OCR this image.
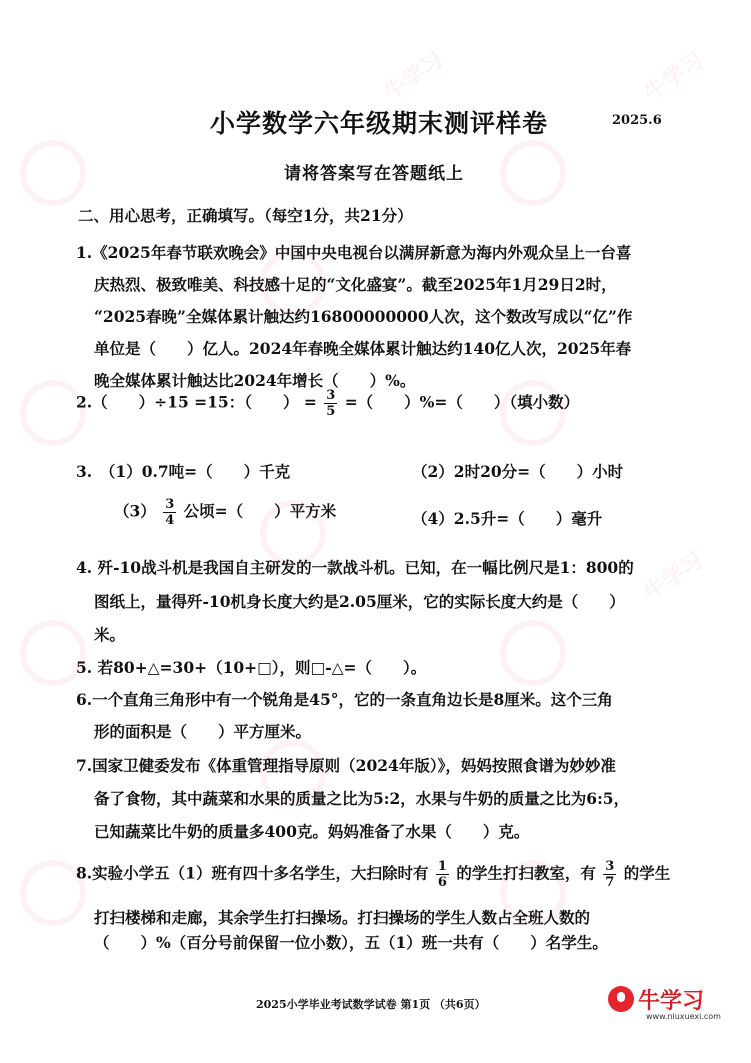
牛学习
牛学习
牛学习
小学数学六年级期末测评样卷	2025.6
请将答案写在答题纸上
二、用心思考，正确填写。（每空1分，共21分）
1.《2025年春节联欢晚会》中国中央电视台以满屏新意为海内外观众呈上一台喜
庆热烈、极致唯美、科技感十足的“文化盛宴”。截至2025年1月29日2时，
“2025春晚”全媒体累计触达约16800000000人次，这个数改写成以“亿”作
单位是（　　）亿人。2024年春晚全媒体累计触达约140亿人次，2025年春
晚全媒体累计触达比2024年增长（　　）%。
2.（　　）÷15 =15：（　　） = $\frac{3}{5}$ =（　　）%=（　　）（填小数）
3.　（1）0.7吨=（　　）千克	（2）2时20分=（　　）小时
$(3) \frac{3}{4}$ 公顷=（　　）平方米	（4）2.5升=（　　）毫升
4. 歼-10战斗机是我国自主研发的一款战斗机。已知，在一幅比例尺是1：800的
图纸上，量得歼-10机身长度大约是2.05厘米，它的实际长度大约是（　　）
米。
5. 若80+△=30+（10+□），则□-△=（　　）。
6.一个直角三角形中有一个锐角是45°，它的一条直角边长是8厘米。这个三角
形的面积是（　　）平方厘米。
7.国家卫健委发布《体重管理指导原则（2024年版）》，妈妈按照食谱为妙妙准
备了食物，其中蔬菜和水果的质量之比为5:2，水果与牛奶的质量之比为6:5，
已知蔬菜比牛奶的质量多400克。妈妈准备了水果（　　）克。
8.实验小学五（1）班有四十多名学生，大扫除时有 $\frac{1}{6}$ 的学生打扫教室，有 $\frac{3}{7}$ 的学生
打扫楼梯和走廊，其余学生打扫操场。打扫操场的学生人数占全班人数的
（　　）%（百分号前保留一位小数），五（1）班一共有（　　）名学生。
2025小学毕业考试数学试卷 第1页 （共6页）	牛学习
www.niuxuexi.com
